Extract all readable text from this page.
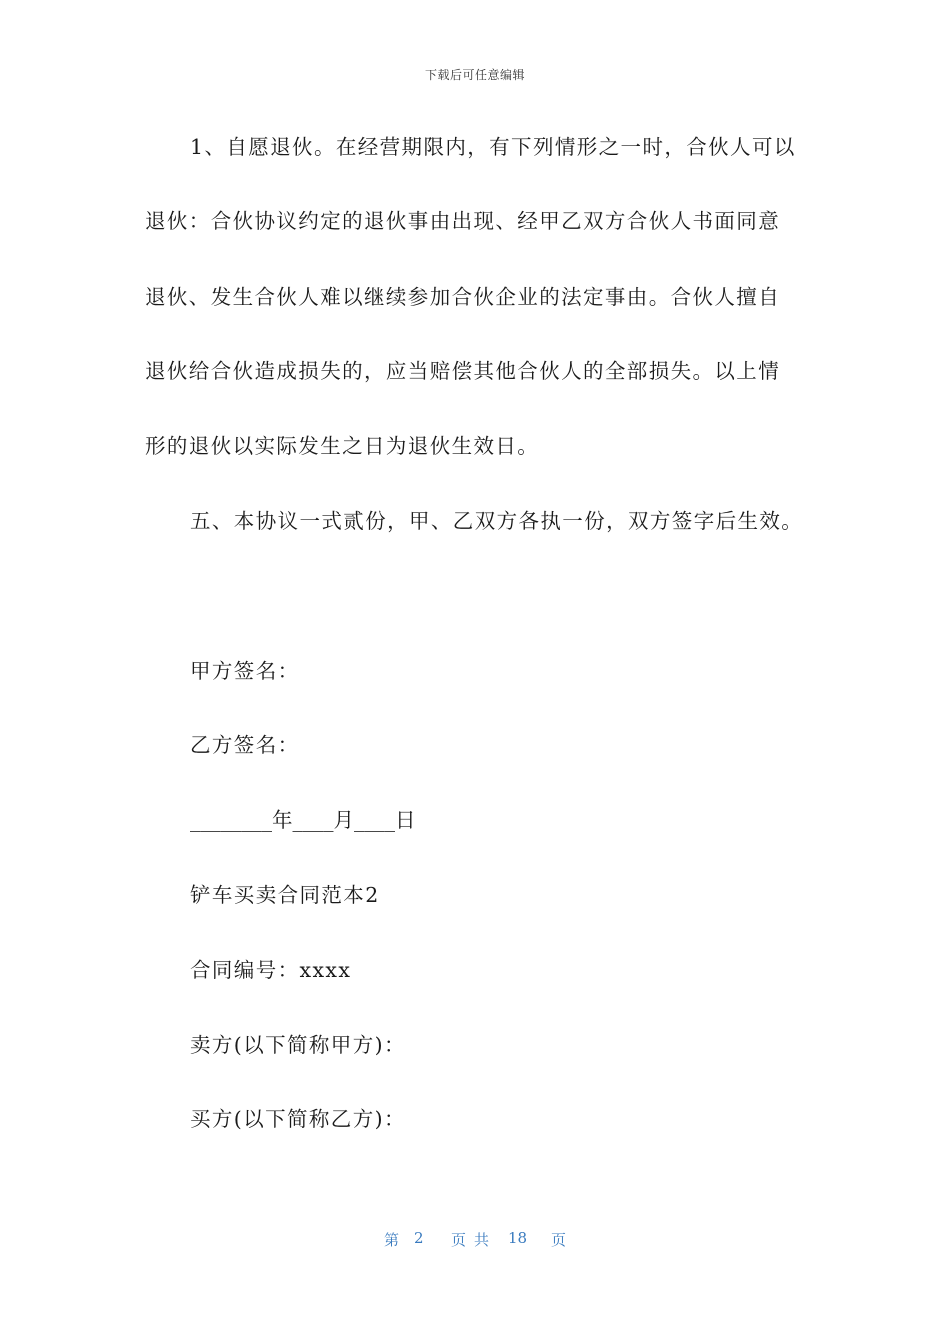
下载后可任意编辑
1、自愿退伙。在经营期限内，有下列情形之一时，合伙人可以
退伙：合伙协议约定的退伙事由出现、经甲乙双方合伙人书面同意
退伙、发生合伙人难以继续参加合伙企业的法定事由。合伙人擅自
退伙给合伙造成损失的，应当赔偿其他合伙人的全部损失。以上情
形的退伙以实际发生之日为退伙生效日。
五、本协议一式贰份，甲、乙双方各执一份，双方签字后生效。
甲方签名：
乙方签名：
________年____月____日
铲车买卖合同范本2
合同编号：xxxx
卖方(以下简称甲方)：
买方(以下简称乙方)：
第 2 页共 18 页
